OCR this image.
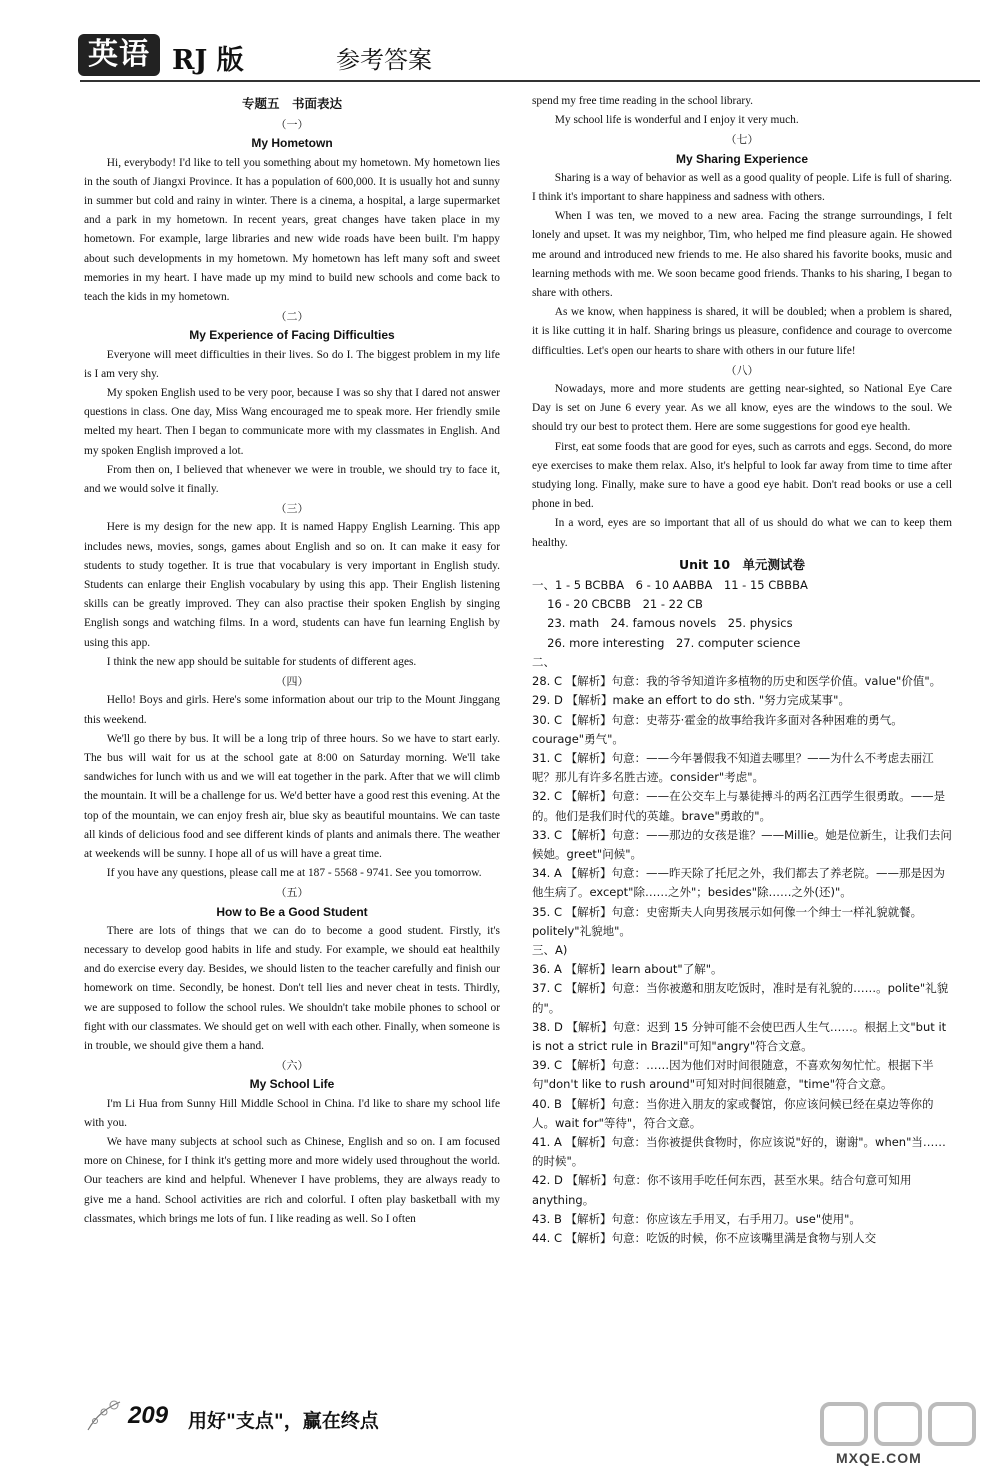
英语 RJ 版	参考答案
专题五　书面表达
（一）
My Hometown

Hi, everybody! I'd like to tell you something about my hometown. My hometown lies in the south of Jiangxi Province. It has a population of 600,000. It is usually hot and sunny in summer but cold and rainy in winter. There is a cinema, a hospital, a large supermarket and a park in my hometown. In recent years, great changes have taken place in my hometown. For example, large libraries and new wide roads have been built. I'm happy about such developments in my hometown. My hometown has left many soft and sweet memories in my heart. I have made up my mind to build new schools and come back to teach the kids in my hometown.

（二）
My Experience of Facing Difficulties

Everyone will meet difficulties in their lives. So do I. The biggest problem in my life is I am very shy.

My spoken English used to be very poor, because I was so shy that I dared not answer questions in class. One day, Miss Wang encouraged me to speak more. Her friendly smile melted my heart. Then I began to communicate more with my classmates in English. And my spoken English improved a lot.

From then on, I believed that whenever we were in trouble, we should try to face it, and we would solve it finally.

（三）

Here is my design for the new app. It is named Happy English Learning. This app includes news, movies, songs, games about English and so on. It can make it easy for students to study together. It is true that vocabulary is very important in English study. Students can enlarge their English vocabulary by using this app. Their English listening skills can be greatly improved. They can also practise their spoken English by singing English songs and watching films. In a word, students can have fun learning English by using this app.

I think the new app should be suitable for students of different ages.

（四）

Hello! Boys and girls. Here's some information about our trip to the Mount Jinggang this weekend.

We'll go there by bus. It will be a long trip of three hours. So we have to start early. The bus will wait for us at the school gate at 8:00 on Saturday morning. We'll take sandwiches for lunch with us and we will eat together in the park. After that we will climb the mountain. It will be a challenge for us. We'd better have a good rest this evening. At the top of the mountain, we can enjoy fresh air, blue sky as beautiful mountains. We can taste all kinds of delicious food and see different kinds of plants and animals there. The weather at weekends will be sunny. I hope all of us will have a great time.

If you have any questions, please call me at 187 - 5568 - 9741. See you tomorrow.

（五）
How to Be a Good Student

There are lots of things that we can do to become a good student. Firstly, it's necessary to develop good habits in life and study. For example, we should eat healthily and do exercise every day. Besides, we should listen to the teacher carefully and finish our homework on time. Secondly, be honest. Don't tell lies and never cheat in tests. Thirdly, we are supposed to follow the school rules. We shouldn't take mobile phones to school or fight with our classmates. We should get on well with each other. Finally, when someone is in trouble, we should give them a hand.

（六）
My School Life

I'm Li Hua from Sunny Hill Middle School in China. I'd like to share my school life with you.

We have many subjects at school such as Chinese, English and so on. I am focused more on Chinese, for I think it's getting more and more widely used throughout the world. Our teachers are kind and helpful. Whenever I have problems, they are always ready to give me a hand. School activities are rich and colorful. I often play basketball with my classmates, which brings me lots of fun. I like reading as well. So I often

spend my free time reading in the school library.

My school life is wonderful and I enjoy it very much.

（七）
My Sharing Experience

Sharing is a way of behavior as well as a good quality of people. Life is full of sharing. I think it's important to share happiness and sadness with others.

When I was ten, we moved to a new area. Facing the strange surroundings, I felt lonely and upset. It was my neighbor, Tim, who helped me find pleasure again. He showed me around and introduced new friends to me. He also shared his favorite books, music and learning methods with me. We soon became good friends. Thanks to his sharing, I began to share with others.

As we know, when happiness is shared, it will be doubled; when a problem is shared, it is like cutting it in half. Sharing brings us pleasure, confidence and courage to overcome difficulties. Let's open our hearts to share with others in our future life!

（八）

Nowadays, more and more students are getting near-sighted, so National Eye Care Day is set on June 6 every year. As we all know, eyes are the windows to the soul. We should try our best to protect them. Here are some suggestions for good eye health.

First, eat some foods that are good for eyes, such as carrots and eggs. Second, do more eye exercises to make them relax. Also, it's helpful to look far away from time to time after studying long. Finally, make sure to have a good eye habit. Don't read books or use a cell phone in bed.

In a word, eyes are so important that all of us should do what we can to keep them healthy.

Unit 10　单元测试卷

一、1 - 5 BCBBA　6 - 10 AABBA　11 - 15 CBBBA

　 16 - 20 CBCBB　21 - 22 CB

　 23. math　24. famous novels　25. physics

　 26. more interesting　27. computer science

二、

28. C 【解析】句意：我的爷爷知道许多植物的历史和医学价值。value"价值"。

29. D 【解析】make an effort to do sth. "努力完成某事"。

30. C 【解析】句意：史蒂芬·霍金的故事给我许多面对各种困难的勇气。courage"勇气"。

31. C 【解析】句意：——今年暑假我不知道去哪里？——为什么不考虑去丽江呢？那儿有许多名胜古迹。consider"考虑"。

32. C 【解析】句意：——在公交车上与暴徒搏斗的两名江西学生很勇敢。——是的。他们是我们时代的英雄。brave"勇敢的"。

33. C 【解析】句意：——那边的女孩是谁？——Millie。她是位新生，让我们去问候她。greet"问候"。

34. A 【解析】句意：——昨天除了托尼之外，我们都去了养老院。——那是因为他生病了。except"除……之外"；besides"除……之外(还)"。

35. C 【解析】句意：史密斯夫人向男孩展示如何像一个绅士一样礼貌就餐。politely"礼貌地"。

三、A)

36. A 【解析】learn about"了解"。

37. C 【解析】句意：当你被邀和朋友吃饭时，准时是有礼貌的……。polite"礼貌的"。

38. D 【解析】句意：迟到 15 分钟可能不会使巴西人生气……。根据上文"but it is not a strict rule in Brazil"可知"angry"符合文意。

39. C 【解析】句意：……因为他们对时间很随意，不喜欢匆匆忙忙。根据下半句"don't like to rush around"可知对时间很随意，"time"符合文意。

40. B 【解析】句意：当你进入朋友的家或餐馆，你应该问候已经在桌边等你的人。wait for"等待"，符合文意。

41. A 【解析】句意：当你被提供食物时，你应该说"好的，谢谢"。when"当……的时候"。

42. D 【解析】句意：你不该用手吃任何东西，甚至水果。结合句意可知用 anything。

43. B 【解析】句意：你应该左手用叉，右手用刀。use"使用"。

44. C 【解析】句意：吃饭的时候，你不应该嘴里满是食物与别人交

209 用好"支点"，赢在终点
MXQE.COM
